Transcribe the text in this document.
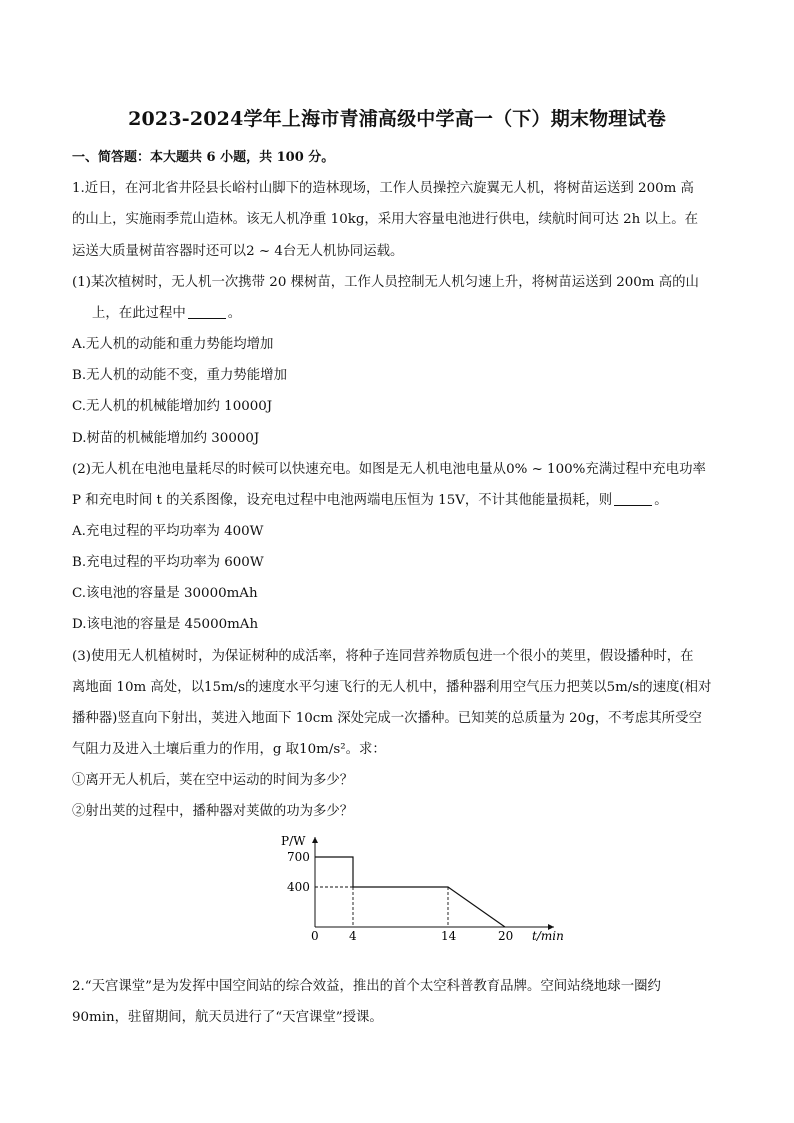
2023-2024学年上海市青浦高级中学高一（下）期末物理试卷
一、简答题：本大题共 6 小题，共 100 分。
1.近日，在河北省井陉县长峪村山脚下的造林现场，工作人员操控六旋翼无人机，将树苗运送到 200m 高
的山上，实施雨季荒山造林。该无人机净重 10kg，采用大容量电池进行供电，续航时间可达 2h 以上。在
运送大质量树苗容器时还可以2 ~ 4台无人机协同运载。
(1)某次植树时，无人机一次携带 20 棵树苗，工作人员控制无人机匀速上升，将树苗运送到 200m 高的山
上，在此过程中	。
A.无人机的动能和重力势能均增加
B.无人机的动能不变，重力势能增加
C.无人机的机械能增加约 10000J
D.树苗的机械能增加约 30000J
(2)无人机在电池电量耗尽的时候可以快速充电。如图是无人机电池电量从0% ~ 100%充满过程中充电功率
P 和充电时间 t 的关系图像，设充电过程中电池两端电压恒为 15V，不计其他能量损耗，则	。
A.充电过程的平均功率为 400W
B.充电过程的平均功率为 600W
C.该电池的容量是 30000mAh
D.该电池的容量是 45000mAh
(3)使用无人机植树时，为保证树种的成活率，将种子连同营养物质包进一个很小的荚里，假设播种时，在
离地面 10m 高处，以15m/s的速度水平匀速飞行的无人机中，播种器利用空气压力把荚以5m/s的速度(相对
播种器)竖直向下射出，荚进入地面下 10cm 深处完成一次播种。已知荚的总质量为 20g，不考虑其所受空
气阻力及进入土壤后重力的作用，g 取10m/s²。求：
①离开无人机后，荚在空中运动的时间为多少？
②射出荚的过程中，播种器对荚做的功为多少？
P/W
t/min
0	4	14	20
700
400
2.“天宫课堂”是为发挥中国空间站的综合效益，推出的首个太空科普教育品牌。空间站绕地球一圈约
90min，驻留期间，航天员进行了“天宫课堂”授课。
